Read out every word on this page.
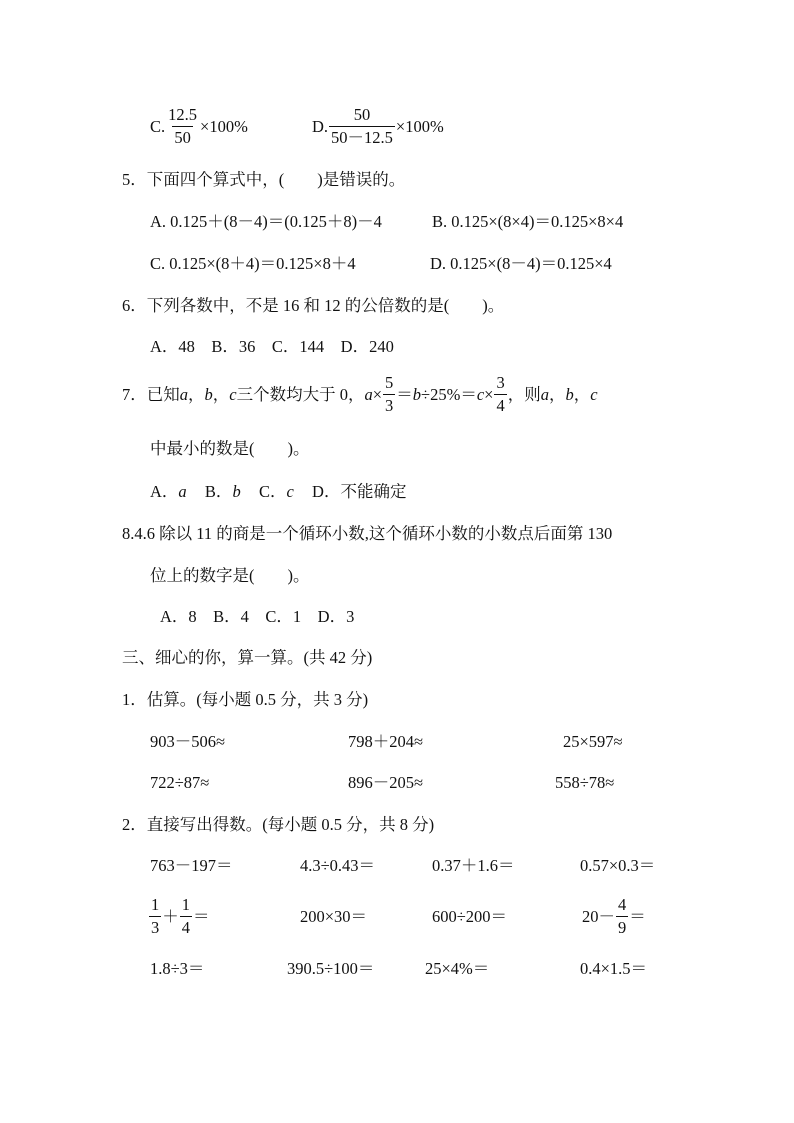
C. $\frac{12.5}{50} \times 100\%$	D. $\frac{50}{50-12.5} \times 100\%$
5．下面四个算式中，(　　)是错误的。
A. 0.125＋(8－4)＝(0.125＋8)－4	B. 0.125×(8×4)＝0.125×8×4
C. 0.125×(8＋4)＝0.125×8＋4	D. 0.125×(8－4)＝0.125×4
6．下列各数中，不是 16 和 12 的公倍数的是(　　)。
A．48　B．36　C．144　D．240
7．已知 a ， b ， c 三个数均大于 0， $a \times \frac{5}{3} = b \div 25\%= c \times \frac{3}{4}$ ，则 a ， b ， c
中最小的数是(　　)。
A．a B．b C．c D．不能确定
8.4.6 除以 11 的商是一个循环小数,这个循环小数的小数点后面第 130
位上的数字是(　　)。
A．8　B．4　C．1　D．3
三、细心的你，算一算。(共 42 分)
1．估算。(每小题 0.5 分，共 3 分)
903－506≈	798＋204≈	25×597≈
722÷87≈	896－205≈	558÷78≈
2．直接写出得数。(每小题 0.5 分，共 8 分)
763－197＝	4.3÷0.43＝	0.37＋1.6＝	0.57×0.3＝
$\frac{1}{3} + \frac{1}{4}$ ＝	200×30＝	600÷200＝	$20- \frac{4}{9}$ ＝
1.8÷3＝	390.5÷100＝	25×4%＝	0.4×1.5＝
